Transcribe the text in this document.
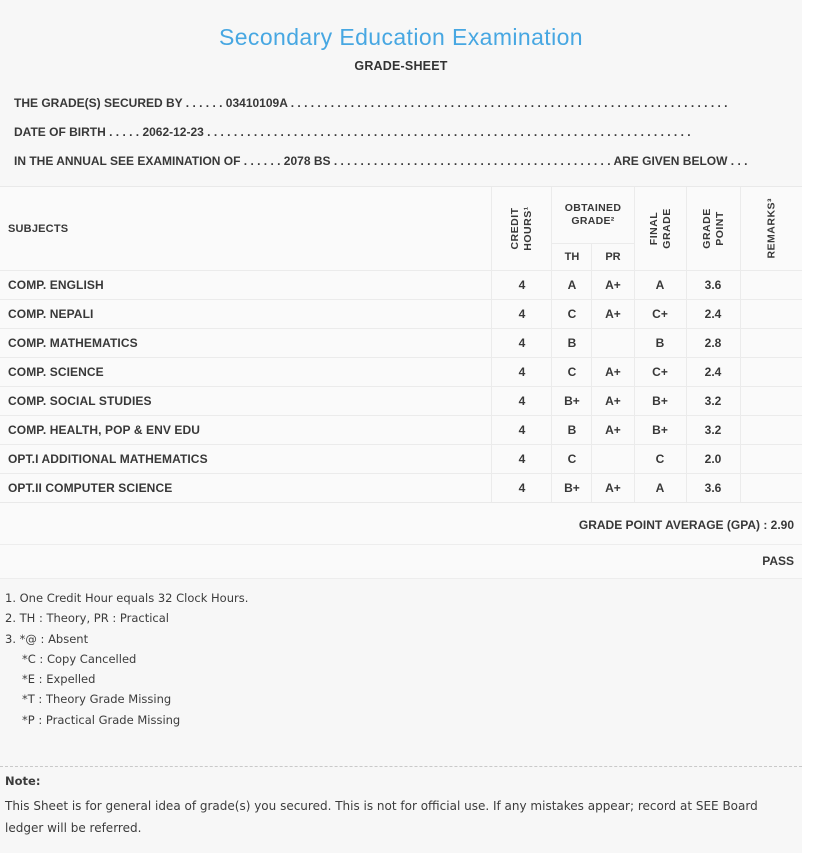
Secondary Education Examination
GRADE-SHEET
THE GRADE(S) SECURED BY . . . . . . 03410109A . . . . . . . . . . . . . . . . . . . . . . . . . . . . . . . . . . . . . . . . . . . . . . . . . . . . . . . . . . . . . . . . . .
DATE OF BIRTH . . . . . 2062-12-23 . . . . . . . . . . . . . . . . . . . . . . . . . . . . . . . . . . . . . . . . . . . . . . . . . . . . . . . . . . . . . . . . . . . . . . . . .
IN THE ANNUAL SEE EXAMINATION OF . . . . . . 2078 BS . . . . . . . . . . . . . . . . . . . . . . . . . . . . . . . . . . . . . . . . . . ARE GIVEN BELOW . . .
SUBJECTS	CREDIT HOURS¹	OBTAINED GRADE²		FINAL GRADE	GRADE POINT	REMARKS³

		TH	PR			
COMP. ENGLISH	4	A	A+	A	3.6	
COMP. NEPALI	4	C	A+	C+	2.4	
COMP. MATHEMATICS	4	B		B	2.8	
COMP. SCIENCE	4	C	A+	C+	2.4	
COMP. SOCIAL STUDIES	4	B+	A+	B+	3.2	
COMP. HEALTH, POP & ENV EDU	4	B	A+	B+	3.2	
OPT.I ADDITIONAL MATHEMATICS	4	C		C	2.0	
OPT.II COMPUTER SCIENCE	4	B+	A+	A	3.6	
GRADE POINT AVERAGE (GPA) : 2.90
PASS
1. One Credit Hour equals 32 Clock Hours.
2. TH : Theory, PR : Practical
3. *@ : Absent
*C : Copy Cancelled
*E : Expelled
*T : Theory Grade Missing
*P : Practical Grade Missing
Note:
This Sheet is for general idea of grade(s) you secured. This is not for official use. If any mistakes appear; record at SEE Board ledger will be referred.
